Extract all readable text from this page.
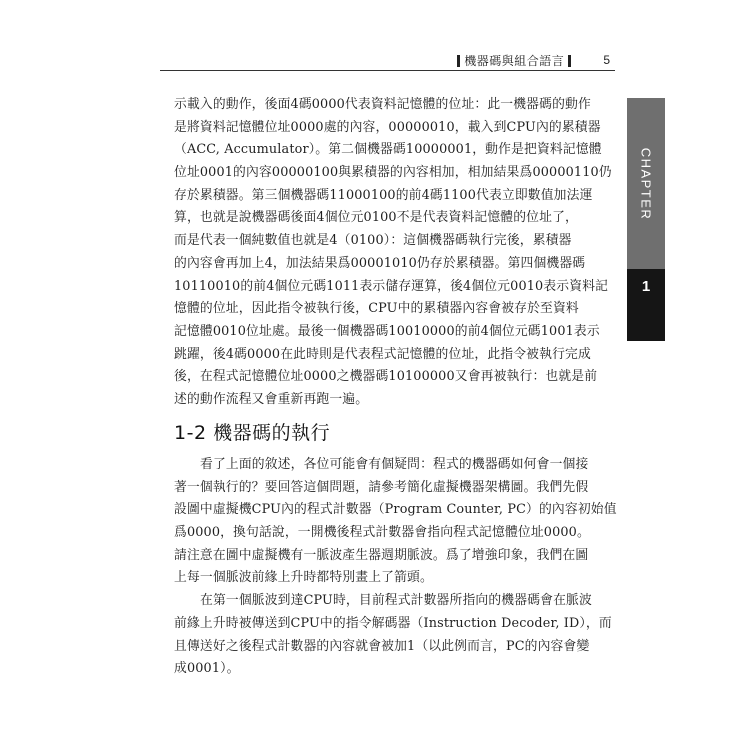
機器碼與組合語言	5
CHAPTER
1
示載入的動作，後面4碼0000代表資料記憶體的位址：此一機器碼的動作
是將資料記憶體位址0000處的內容，00000010，載入到CPU內的累積器
（ACC, Accumulator）。第二個機器碼10000001，動作是把資料記憶體
位址0001的內容00000100與累積器的內容相加，相加結果爲00000110仍
存於累積器。第三個機器碼11000100的前4碼1100代表立即數值加法運
算，也就是說機器碼後面4個位元0100不是代表資料記憶體的位址了，
而是代表一個純數值也就是4（0100）：這個機器碼執行完後，累積器
的內容會再加上4，加法結果爲00001010仍存於累積器。第四個機器碼
10110010的前4個位元碼1011表示儲存運算，後4個位元0010表示資料記
憶體的位址，因此指令被執行後，CPU中的累積器內容會被存於至資料
記憶體0010位址處。最後一個機器碼10010000的前4個位元碼1001表示
跳躍，後4碼0000在此時則是代表程式記憶體的位址，此指令被執行完成
後，在程式記憶體位址0000之機器碼10100000又會再被執行：也就是前
述的動作流程又會重新再跑一遍。
1-2 機器碼的執行
看了上面的敘述，各位可能會有個疑問：程式的機器碼如何會一個接
著一個執行的？要回答這個問題，請參考簡化虛擬機器架構圖。我們先假
設圖中虛擬機CPU內的程式計數器（Program Counter, PC）的內容初始值
爲0000，換句話說，一開機後程式計數器會指向程式記憶體位址0000。
請注意在圖中虛擬機有一脈波產生器週期脈波。爲了增強印象，我們在圖
上每一個脈波前緣上升時都特別畫上了箭頭。
在第一個脈波到達CPU時，目前程式計數器所指向的機器碼會在脈波
前緣上升時被傳送到CPU中的指令解碼器（Instruction Decoder, ID），而
且傳送好之後程式計數器的內容就會被加1（以此例而言，PC的內容會變
成0001）。
